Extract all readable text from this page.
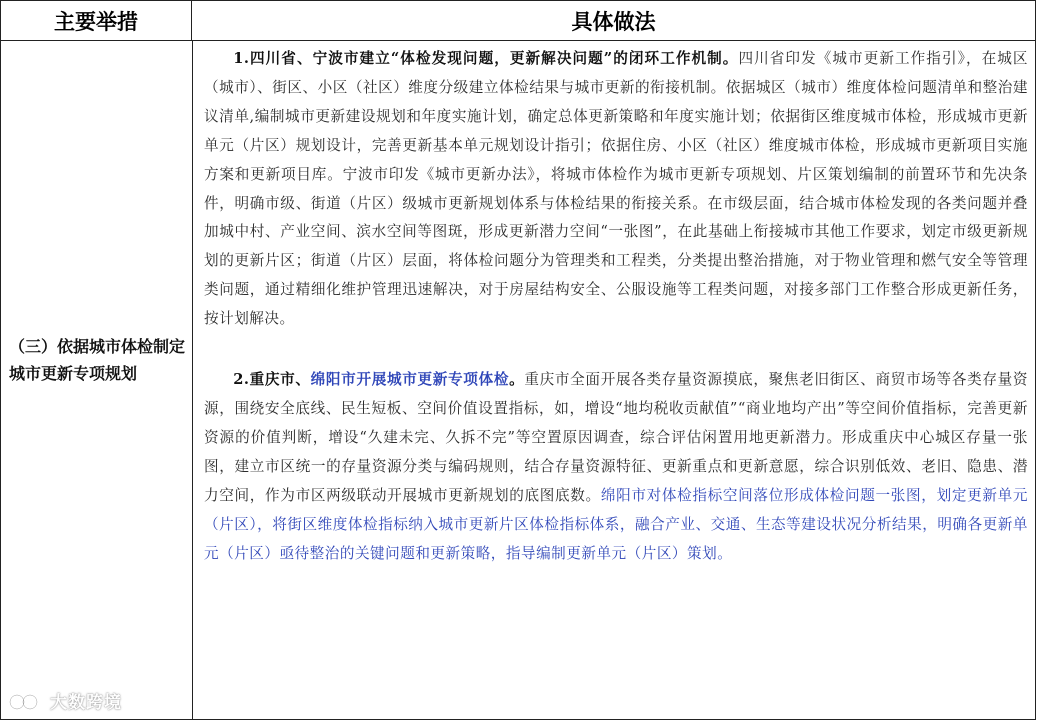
主要举措	具体做法
（三）依据城市体检制定城市更新专项规划

1.四川省、宁波市建立“体检发现问题，更新解决问题”的闭环工作机制。四川省印发《城市更新工作指引》，在城区（城市）、街区、小区（社区）维度分级建立体检结果与城市更新的衔接机制。依据城区（城市）维度体检问题清单和整治建议清单,编制城市更新建设规划和年度实施计划，确定总体更新策略和年度实施计划；依据街区维度城市体检，形成城市更新单元（片区）规划设计，完善更新基本单元规划设计指引；依据住房、小区（社区）维度城市体检，形成城市更新项目实施方案和更新项目库。宁波市印发《城市更新办法》，将城市体检作为城市更新专项规划、片区策划编制的前置环节和先决条件，明确市级、街道（片区）级城市更新规划体系与体检结果的衔接关系。在市级层面，结合城市体检发现的各类问题并叠加城中村、产业空间、滨水空间等图斑，形成更新潜力空间“一张图”，在此基础上衔接城市其他工作要求，划定市级更新规划的更新片区；街道（片区）层面，将体检问题分为管理类和工程类，分类提出整治措施，对于物业管理和燃气安全等管理类问题，通过精细化维护管理迅速解决，对于房屋结构安全、公服设施等工程类问题，对接多部门工作整合形成更新任务，按计划解决。

2.重庆市、绵阳市开展城市更新专项体检。重庆市全面开展各类存量资源摸底，聚焦老旧街区、商贸市场等各类存量资源，围绕安全底线、民生短板、空间价值设置指标，如，增设“地均税收贡献值”“商业地均产出”等空间价值指标，完善更新资源的价值判断，增设“久建未完、久拆不完”等空置原因调查，综合评估闲置用地更新潜力。形成重庆中心城区存量一张图，建立市区统一的存量资源分类与编码规则，结合存量资源特征、更新重点和更新意愿，综合识别低效、老旧、隐患、潜力空间，作为市区两级联动开展城市更新规划的底图底数。绵阳市对体检指标空间落位形成体检问题一张图，划定更新单元（片区），将街区维度体检指标纳入城市更新片区体检指标体系，融合产业、交通、生态等建设状况分析结果，明确各更新单元（片区）亟待整治的关键问题和更新策略，指导编制更新单元（片区）策划。

大数跨境
